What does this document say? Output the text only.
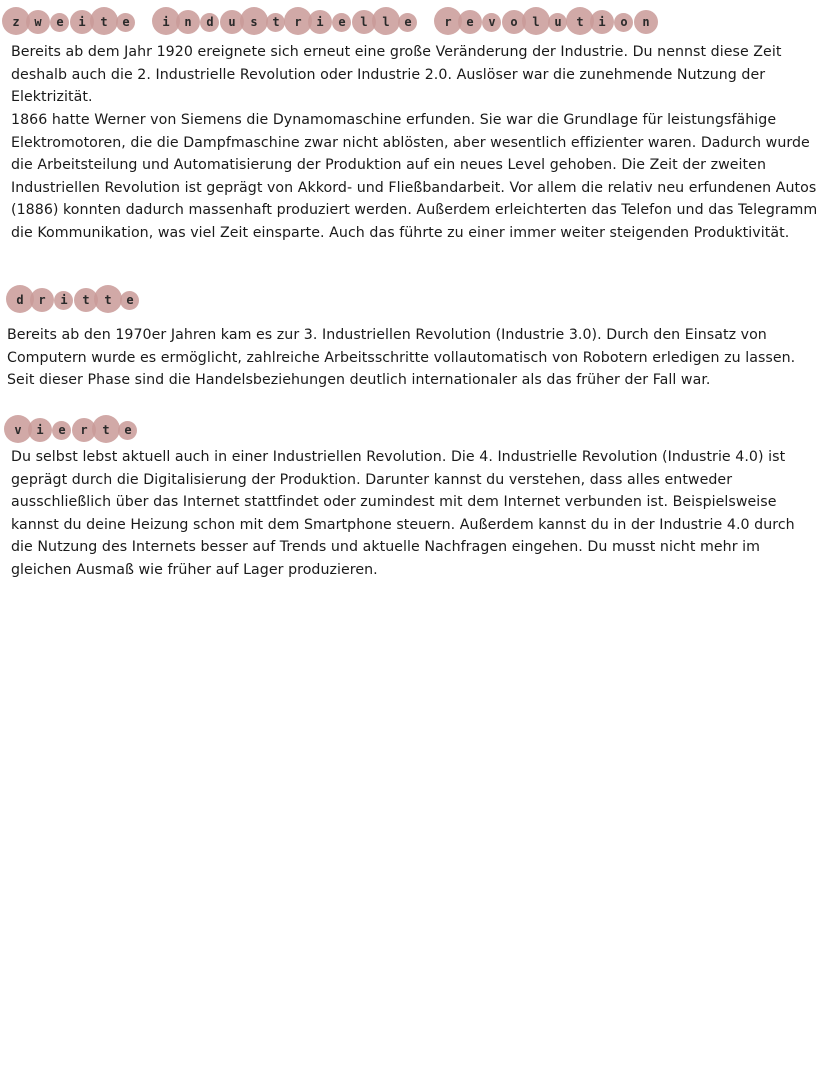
z	w	e	i	t	e	i	n	d	u	s	t	r	i	e	l	l	e	r	e	v	o	l	u	t	i	o	n

Bereits ab dem Jahr 1920 ereignete sich erneut eine große Veränderung der Industrie. Du nennst diese Zeit deshalb auch die 2. Industrielle Revolution oder Industrie 2.0. Auslöser war die zunehmende Nutzung der Elektrizität.

1866 hatte Werner von Siemens die Dynamomaschine erfunden. Sie war die Grundlage für leistungsfähige Elektromotoren, die die Dampfmaschine zwar nicht ablösten, aber wesentlich effizienter waren. Dadurch wurde die Arbeitsteilung und Automatisierung der Produktion auf ein neues Level gehoben. Die Zeit der zweiten Industriellen Revolution ist geprägt von Akkord- und Fließbandarbeit. Vor allem die relativ neu erfundenen Autos (1886) konnten dadurch massenhaft produziert werden. Außerdem erleichterten das Telefon und das Telegramm die Kommunikation, was viel Zeit einsparte. Auch das führte zu einer immer weiter steigenden Produktivität.

d	r	i	t	t	e

Bereits ab den 1970er Jahren kam es zur 3. Industriellen Revolution (Industrie 3.0). Durch den Einsatz von Computern wurde es ermöglicht, zahlreiche Arbeitsschritte vollautomatisch von Robotern erledigen zu lassen. Seit dieser Phase sind die Handelsbeziehungen deutlich internationaler als das früher der Fall war.

v	i	e	r	t	e

Du selbst lebst aktuell auch in einer Industriellen Revolution. Die 4. Industrielle Revolution (Industrie 4.0) ist geprägt durch die Digitalisierung der Produktion. Darunter kannst du verstehen, dass alles entweder ausschließlich über das Internet stattfindet oder zumindest mit dem Internet verbunden ist. Beispielsweise kannst du deine Heizung schon mit dem Smartphone steuern. Außerdem kannst du in der Industrie 4.0 durch die Nutzung des Internets besser auf Trends und aktuelle Nachfragen eingehen. Du musst nicht mehr im gleichen Ausmaß wie früher auf Lager produzieren.
